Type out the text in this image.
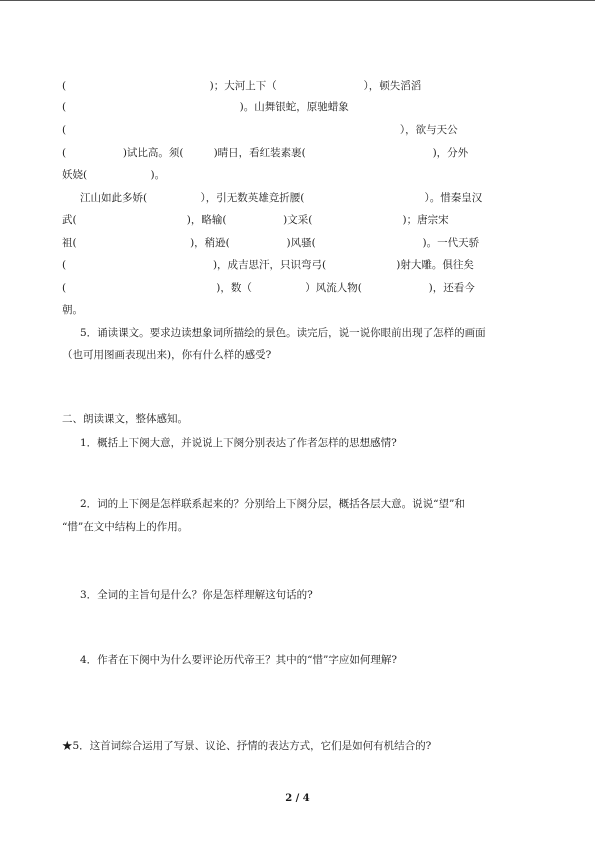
(                                           )；大河上下（                          ），顿失滔滔
(                                                    )。山舞银蛇，原驰蜡象
(                                                                                                    ），欲与天公
(                 )试比高。须(         )晴日，看红装素裹(                                      )，分外
妖娆(                   )。
江山如此多娇(                ），引无数英雄竞折腰(                                    ）。惜秦皇汉
武(                                 )，略输(                 )文采(                           )；唐宗宋
祖(                                  )，稍逊(                 )风骚(                                )。一代天骄
(                                            )，成吉思汗，只识弯弓(                     )射大雕。俱往矣
(                                             )，数（                ）风流人物(                    )，还看今
朝。
5．诵读课文。要求边读想象词所描绘的景色。读完后，说一说你眼前出现了怎样的画面
（也可用图画表现出来)，你有什么样的感受?
二、朗读课文，整体感知。
1．概括上下阕大意，并说说上下阕分别表达了作者怎样的思想感情?
2．词的上下阕是怎样联系起来的？分别给上下阕分层，概括各层大意。说说“望”和
“惜”在文中结构上的作用。
3．全词的主旨句是什么？你是怎样理解这句话的?
4．作者在下阕中为什么要评论历代帝王？其中的“惜”字应如何理解?
★5．这首词综合运用了写景、议论、抒情的表达方式，它们是如何有机结合的?
2 / 4
